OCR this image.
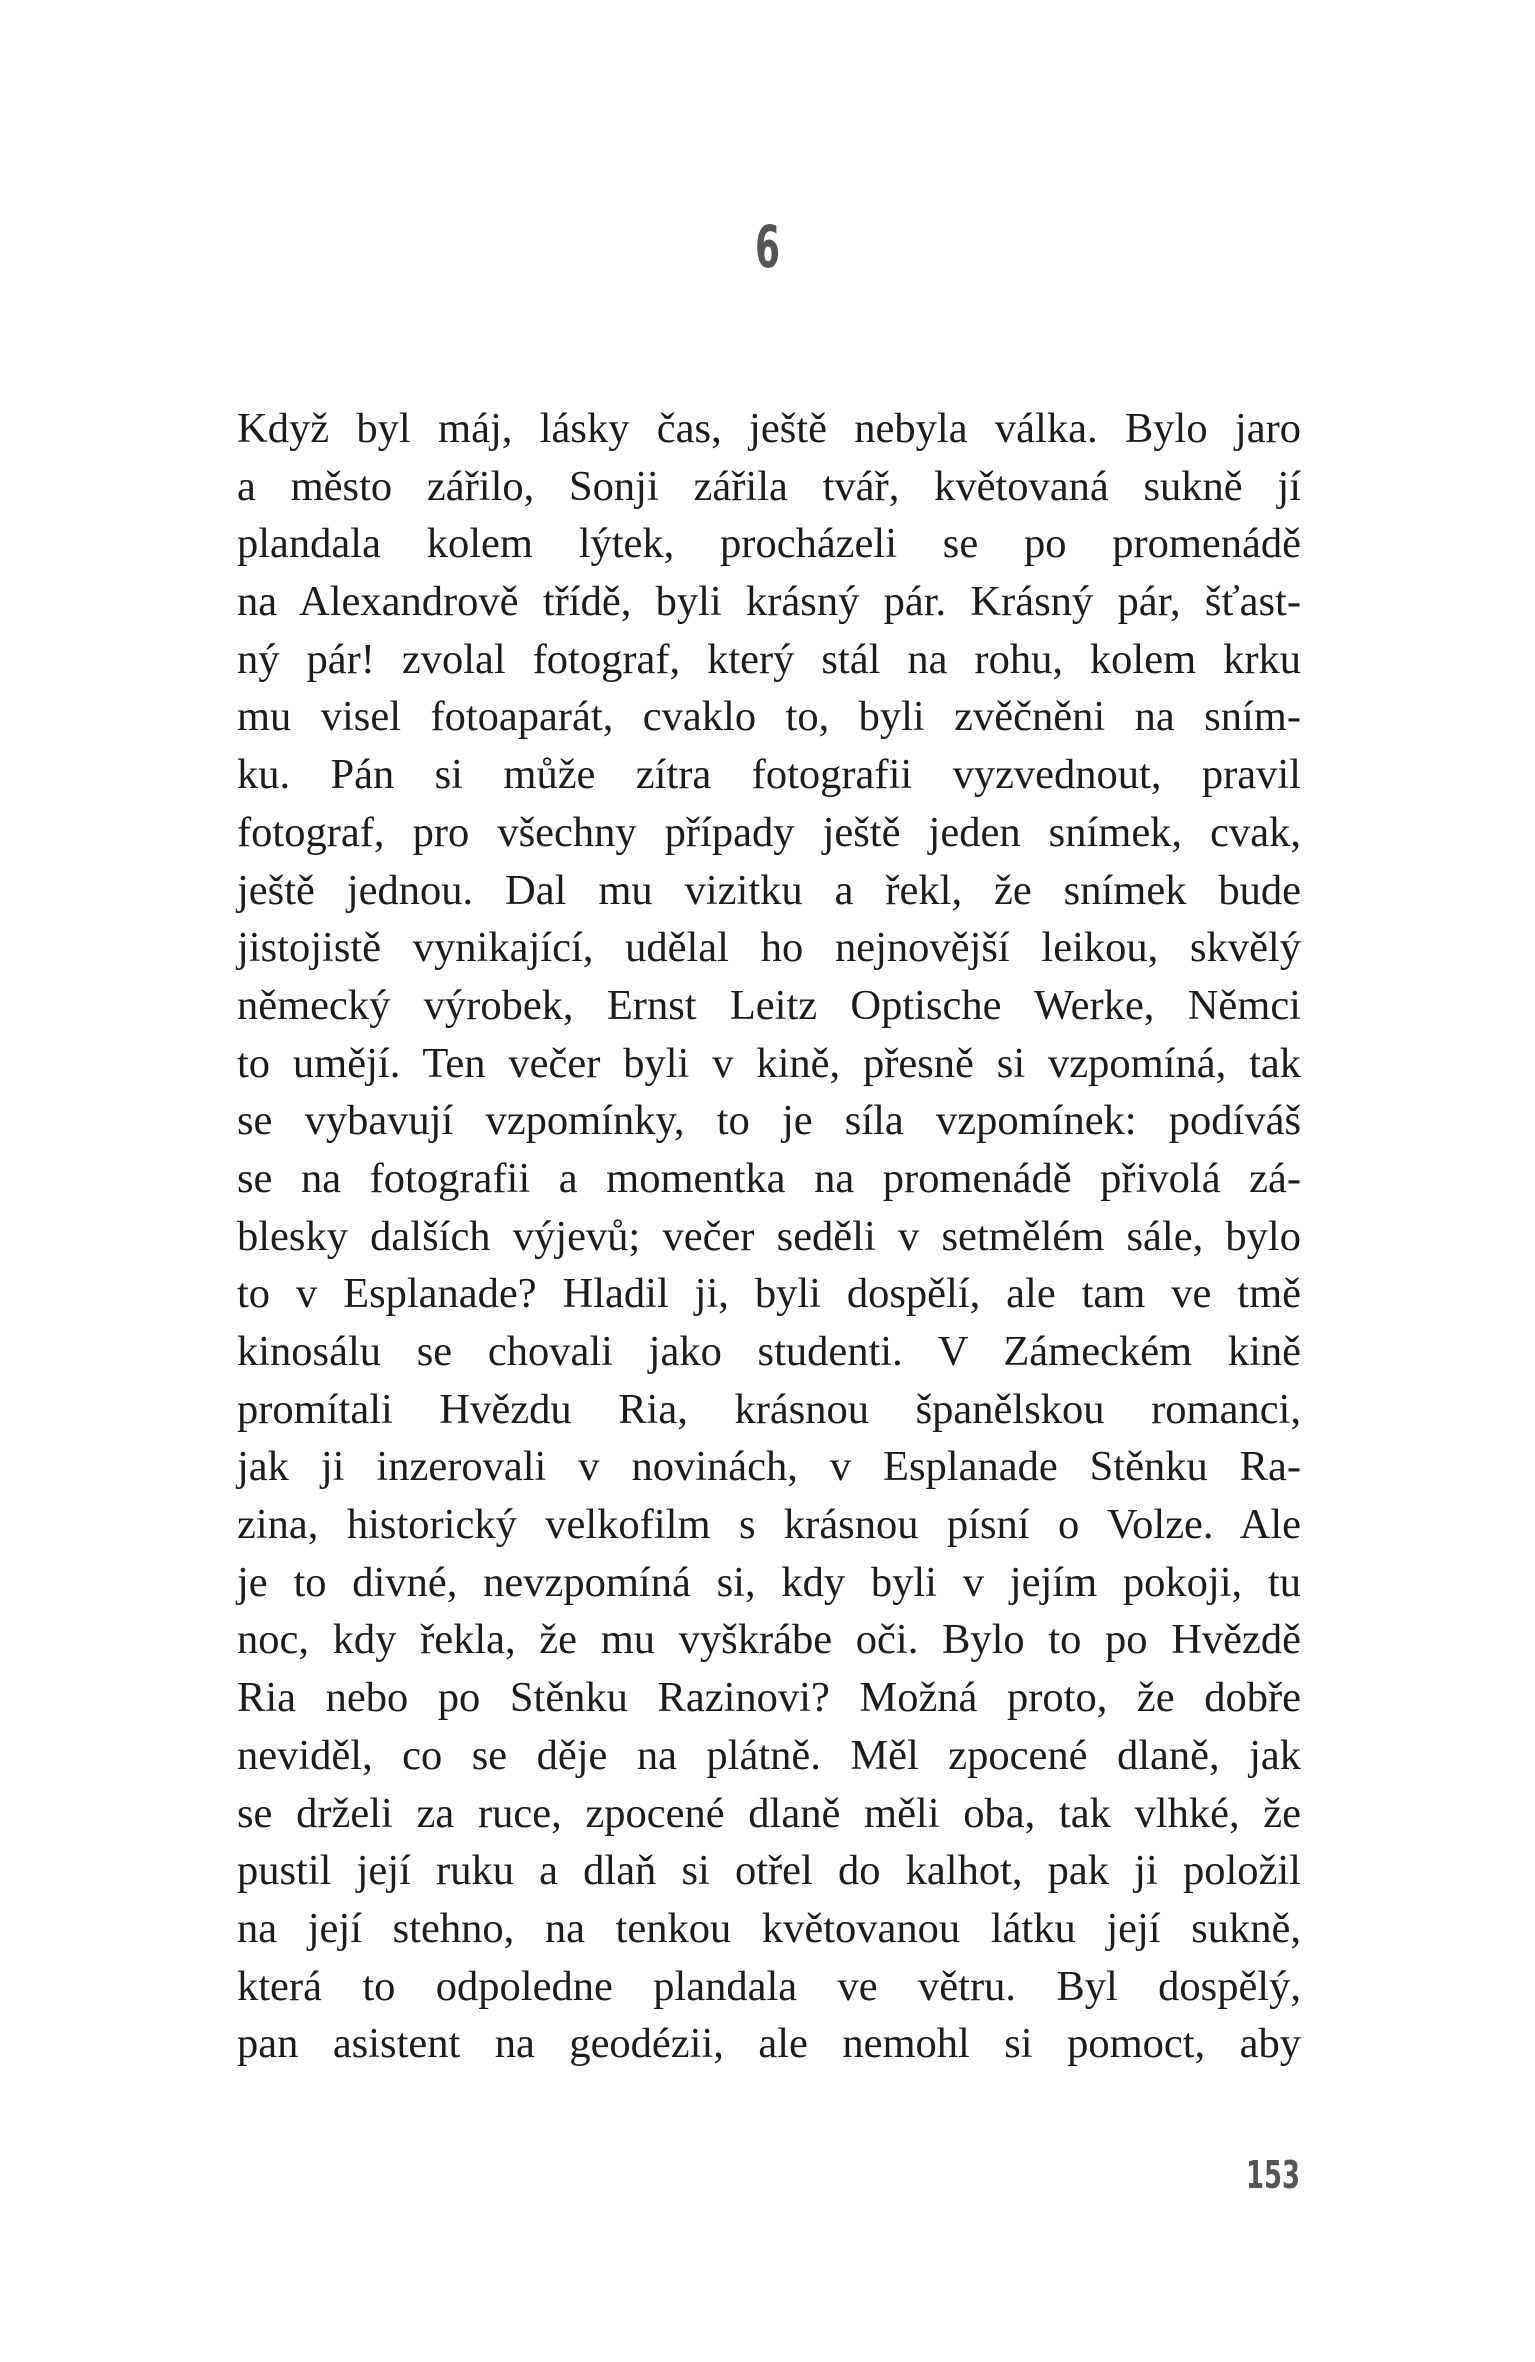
6
Když byl máj, lásky čas, ještě nebyla válka. Bylo jaro
a město zářilo, Sonji zářila tvář, květovaná sukně jí
plandala kolem lýtek, procházeli se po promenádě
na Alexandrově třídě, byli krásný pár. Krásný pár, šťast-
ný pár! zvolal fotograf, který stál na rohu, kolem krku
mu visel fotoaparát, cvaklo to, byli zvěčněni na sním-
ku. Pán si může zítra fotografii vyzvednout, pravil
fotograf, pro všechny případy ještě jeden snímek, cvak,
ještě jednou. Dal mu vizitku a řekl, že snímek bude
jistojistě vynikající, udělal ho nejnovější leikou, skvělý
německý výrobek, Ernst Leitz Optische Werke, Němci
to umějí. Ten večer byli v kině, přesně si vzpomíná, tak
se vybavují vzpomínky, to je síla vzpomínek: podíváš
se na fotografii a momentka na promenádě přivolá zá-
blesky dalších výjevů; večer seděli v setmělém sále, bylo
to v Esplanade? Hladil ji, byli dospělí, ale tam ve tmě
kinosálu se chovali jako studenti. V Zámeckém kině
promítali Hvězdu Ria, krásnou španělskou romanci,
jak ji inzerovali v novinách, v Esplanade Stěnku Ra-
zina, historický velkofilm s krásnou písní o Volze. Ale
je to divné, nevzpomíná si, kdy byli v jejím pokoji, tu
noc, kdy řekla, že mu vyškrábe oči. Bylo to po Hvězdě
Ria nebo po Stěnku Razinovi? Možná proto, že dobře
neviděl, co se děje na plátně. Měl zpocené dlaně, jak
se drželi za ruce, zpocené dlaně měli oba, tak vlhké, že
pustil její ruku a dlaň si otřel do kalhot, pak ji položil
na její stehno, na tenkou květovanou látku její sukně,
která to odpoledne plandala ve větru. Byl dospělý,
pan asistent na geodézii, ale nemohl si pomoct, aby
153
